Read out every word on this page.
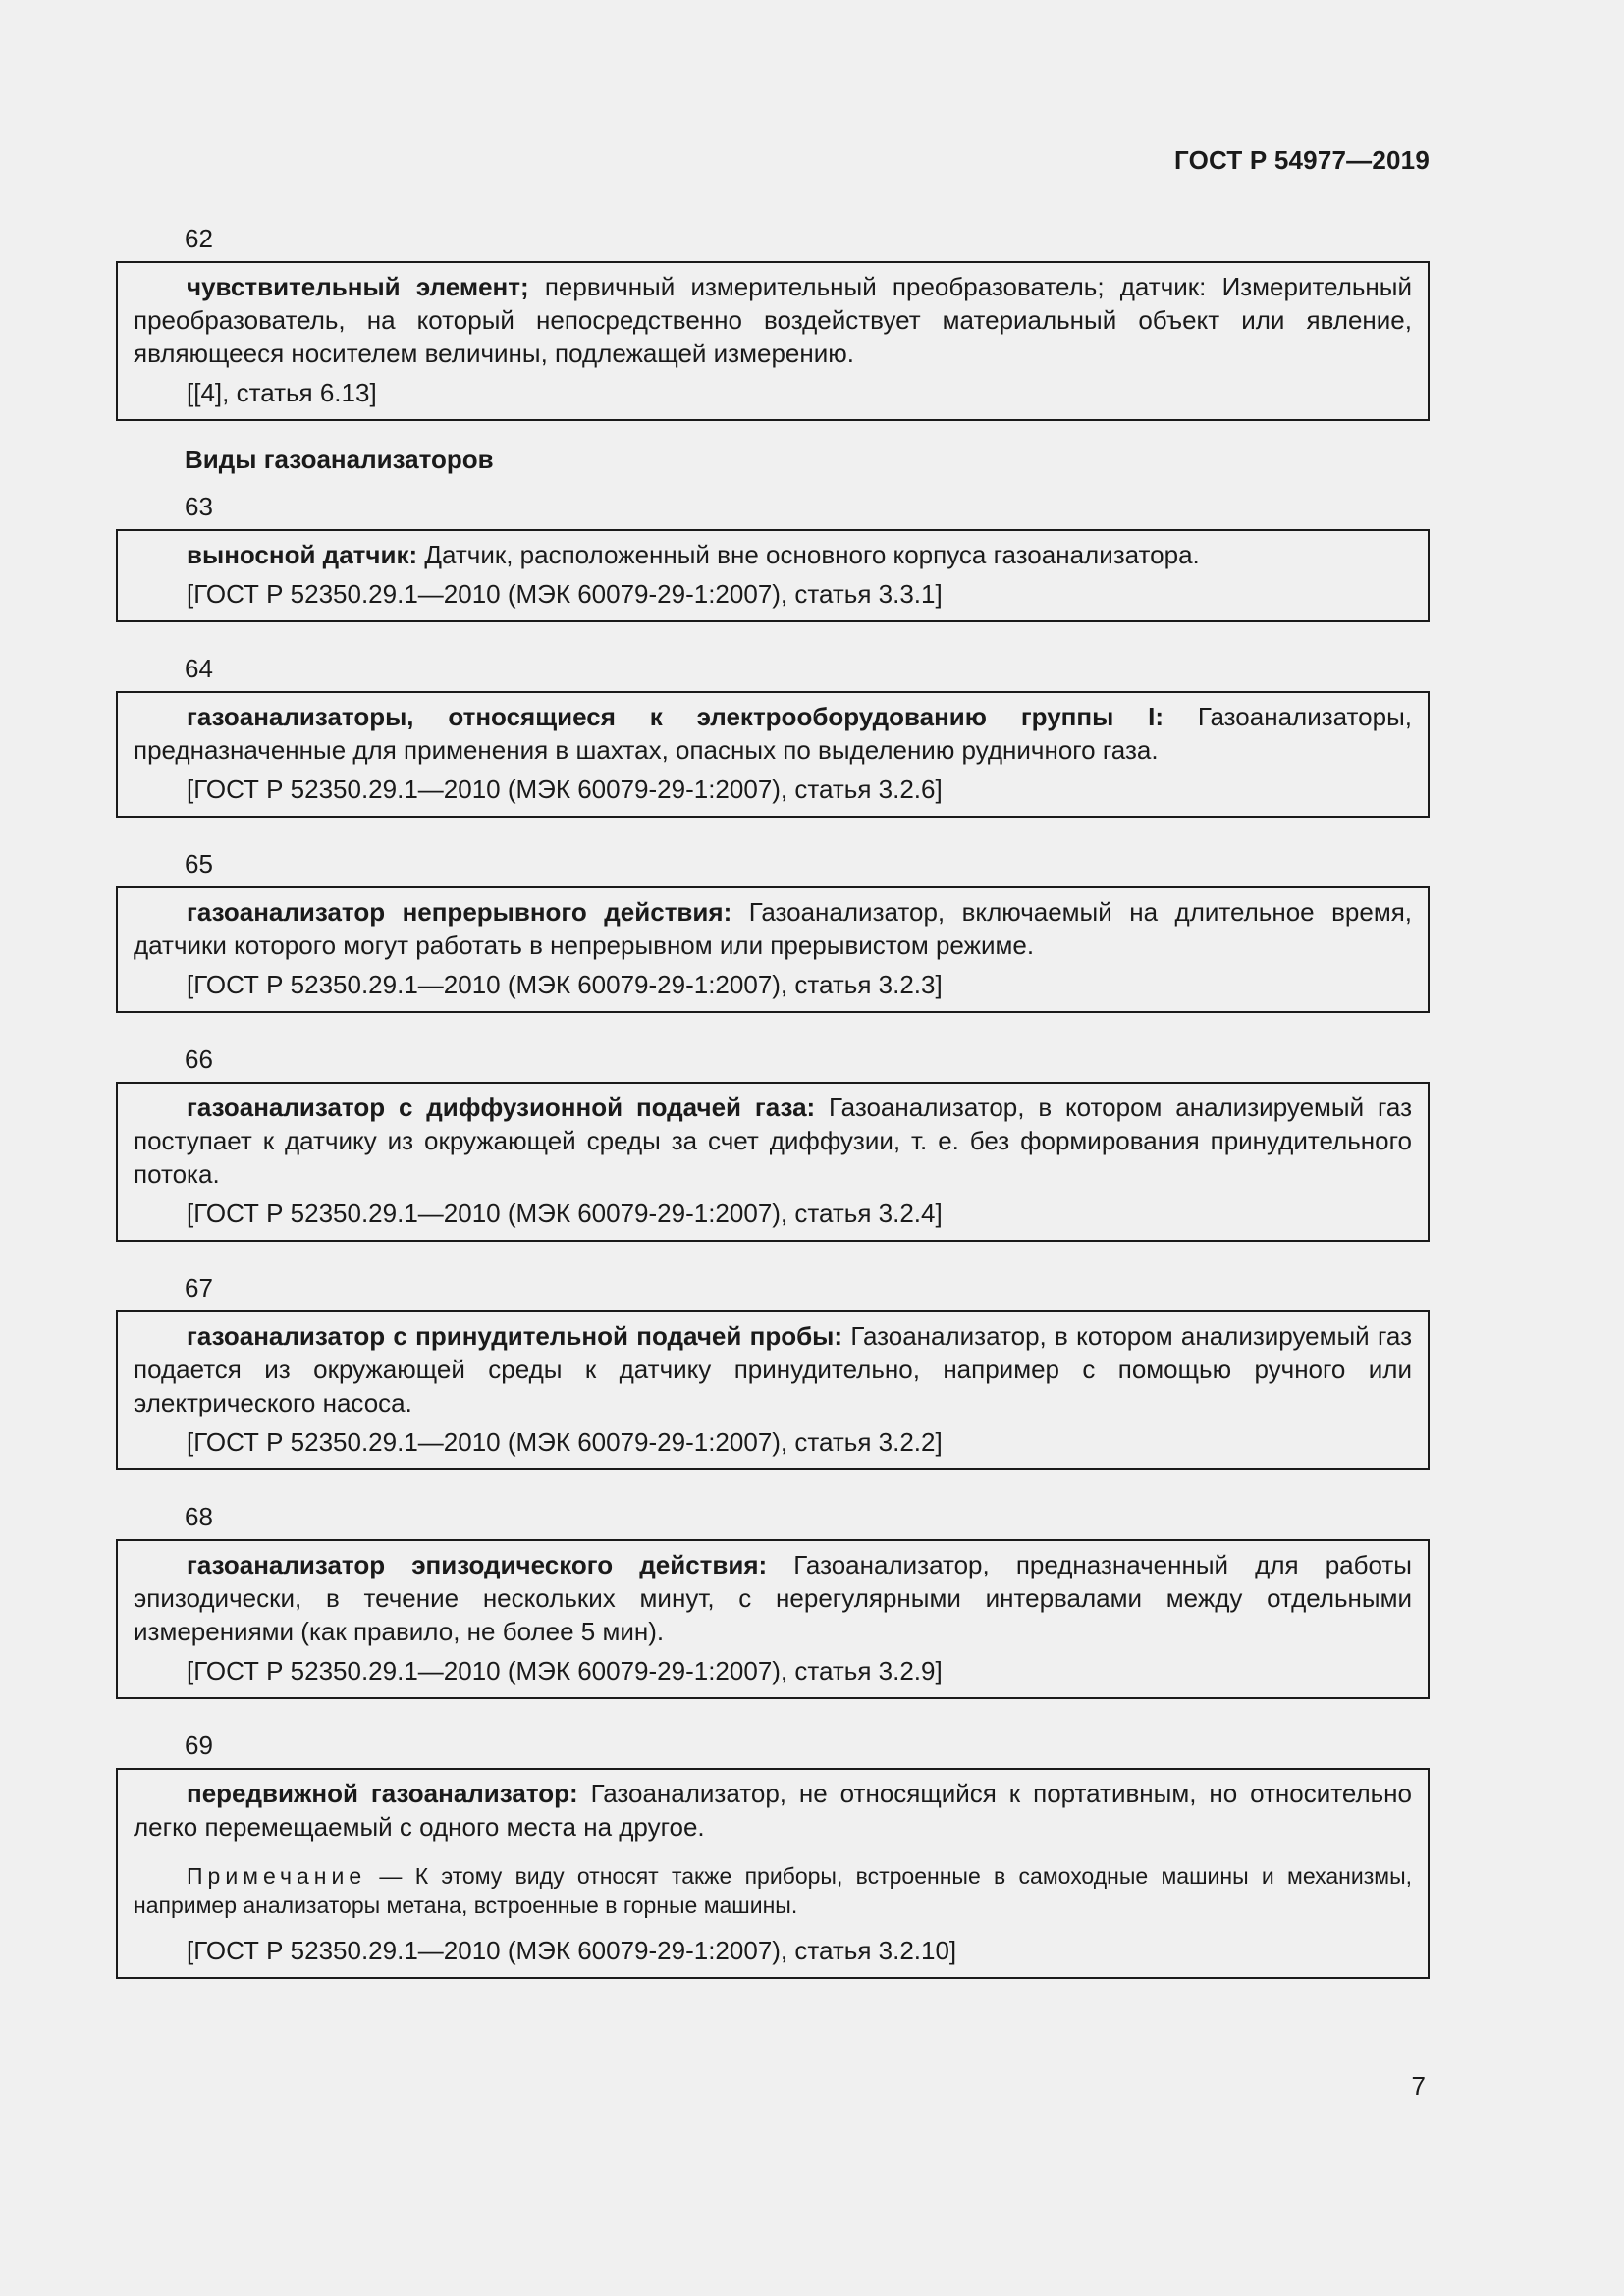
ГОСТ Р 54977—2019
62

чувствительный элемент; первичный измерительный преобразователь; датчик: Измерительный преобразователь, на который непосредственно воздействует материальный объект или явление, являющееся носителем величины, подлежащей измерению.

[[4], статья 6.13]
Виды газоанализаторов
63

выносной датчик: Датчик, расположенный вне основного корпуса газоанализатора.

[ГОСТ Р 52350.29.1—2010 (МЭК 60079-29-1:2007), статья 3.3.1]
64

газоанализаторы, относящиеся к электрооборудованию группы I: Газоанализаторы, предназначенные для применения в шахтах, опасных по выделению рудничного газа.

[ГОСТ Р 52350.29.1—2010 (МЭК 60079-29-1:2007), статья 3.2.6]
65

газоанализатор непрерывного действия: Газоанализатор, включаемый на длительное время, датчики которого могут работать в непрерывном или прерывистом режиме.

[ГОСТ Р 52350.29.1—2010 (МЭК 60079-29-1:2007), статья 3.2.3]
66

газоанализатор с диффузионной подачей газа: Газоанализатор, в котором анализируемый газ поступает к датчику из окружающей среды за счет диффузии, т. е. без формирования принудительного потока.

[ГОСТ Р 52350.29.1—2010 (МЭК 60079-29-1:2007), статья 3.2.4]
67

газоанализатор с принудительной подачей пробы: Газоанализатор, в котором анализируемый газ подается из окружающей среды к датчику принудительно, например с помощью ручного или электрического насоса.

[ГОСТ Р 52350.29.1—2010 (МЭК 60079-29-1:2007), статья 3.2.2]
68

газоанализатор эпизодического действия: Газоанализатор, предназначенный для работы эпизодически, в течение нескольких минут, с нерегулярными интервалами между отдельными измерениями (как правило, не более 5 мин).

[ГОСТ Р 52350.29.1—2010 (МЭК 60079-29-1:2007), статья 3.2.9]
69

передвижной газоанализатор: Газоанализатор, не относящийся к портативным, но относительно легко перемещаемый с одного места на другое.

Примечание — К этому виду относят также приборы, встроенные в самоходные машины и механизмы, например анализаторы метана, встроенные в горные машины.

[ГОСТ Р 52350.29.1—2010 (МЭК 60079-29-1:2007), статья 3.2.10]
7
